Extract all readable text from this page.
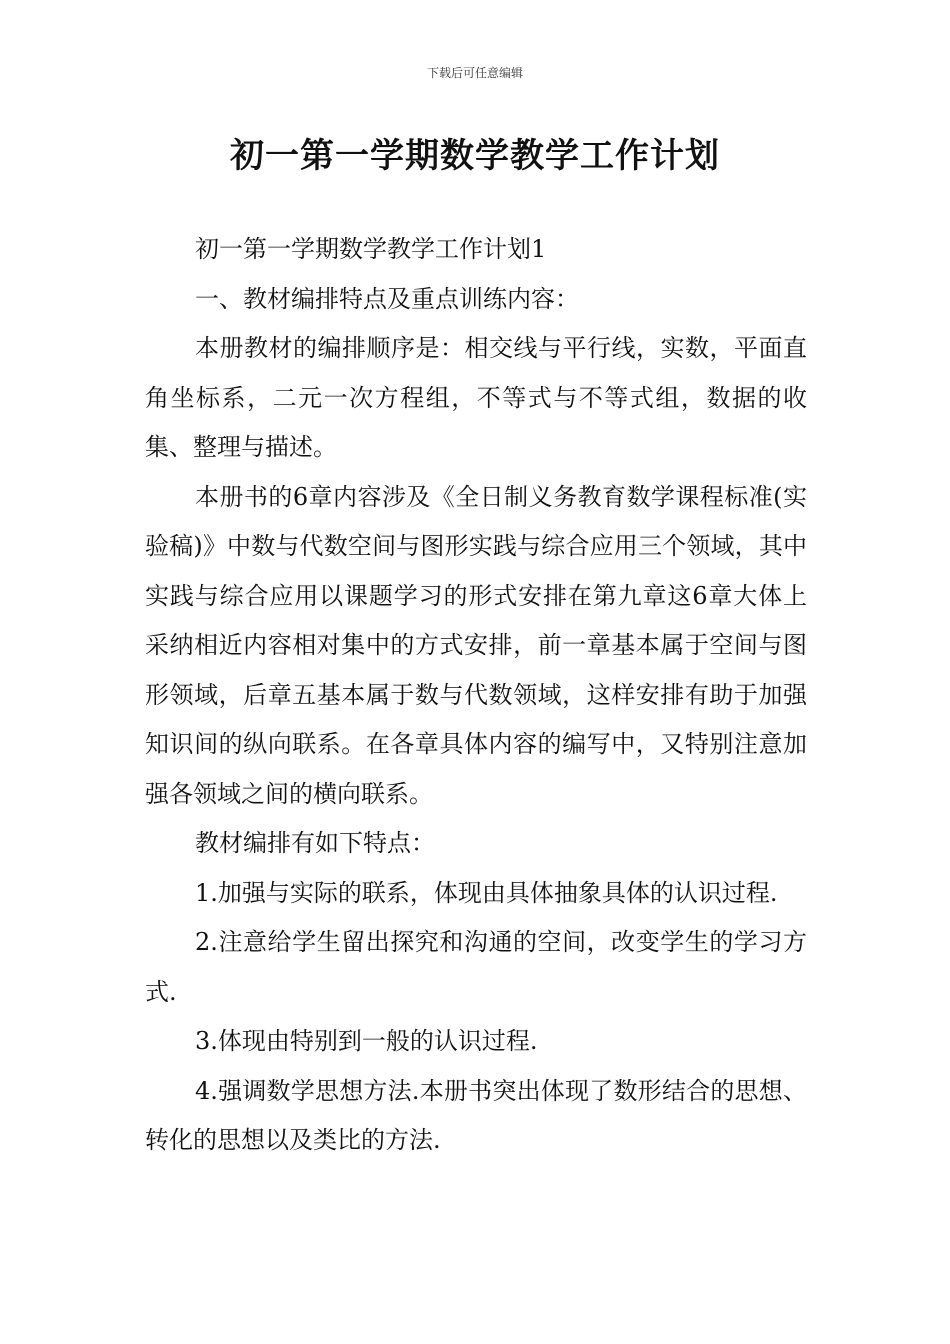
下载后可任意编辑
初一第一学期数学教学工作计划

初一第一学期数学教学工作计划1

一、教材编排特点及重点训练内容：

本册教材的编排顺序是：相交线与平行线，实数，平面直角坐标系，二元一次方程组，不等式与不等式组，数据的收集、整理与描述。

本册书的6章内容涉及《全日制义务教育数学课程标准(实验稿)》中数与代数空间与图形实践与综合应用三个领域，其中实践与综合应用以课题学习的形式安排在第九章这6章大体上采纳相近内容相对集中的方式安排，前一章基本属于空间与图形领域，后章五基本属于数与代数领域，这样安排有助于加强知识间的纵向联系。在各章具体内容的编写中，又特别注意加强各领域之间的横向联系。

教材编排有如下特点：

1.加强与实际的联系，体现由具体抽象具体的认识过程.

2.注意给学生留出探究和沟通的空间，改变学生的学习方式.

3.体现由特别到一般的认识过程.

4.强调数学思想方法.本册书突出体现了数形结合的思想、转化的思想以及类比的方法.
